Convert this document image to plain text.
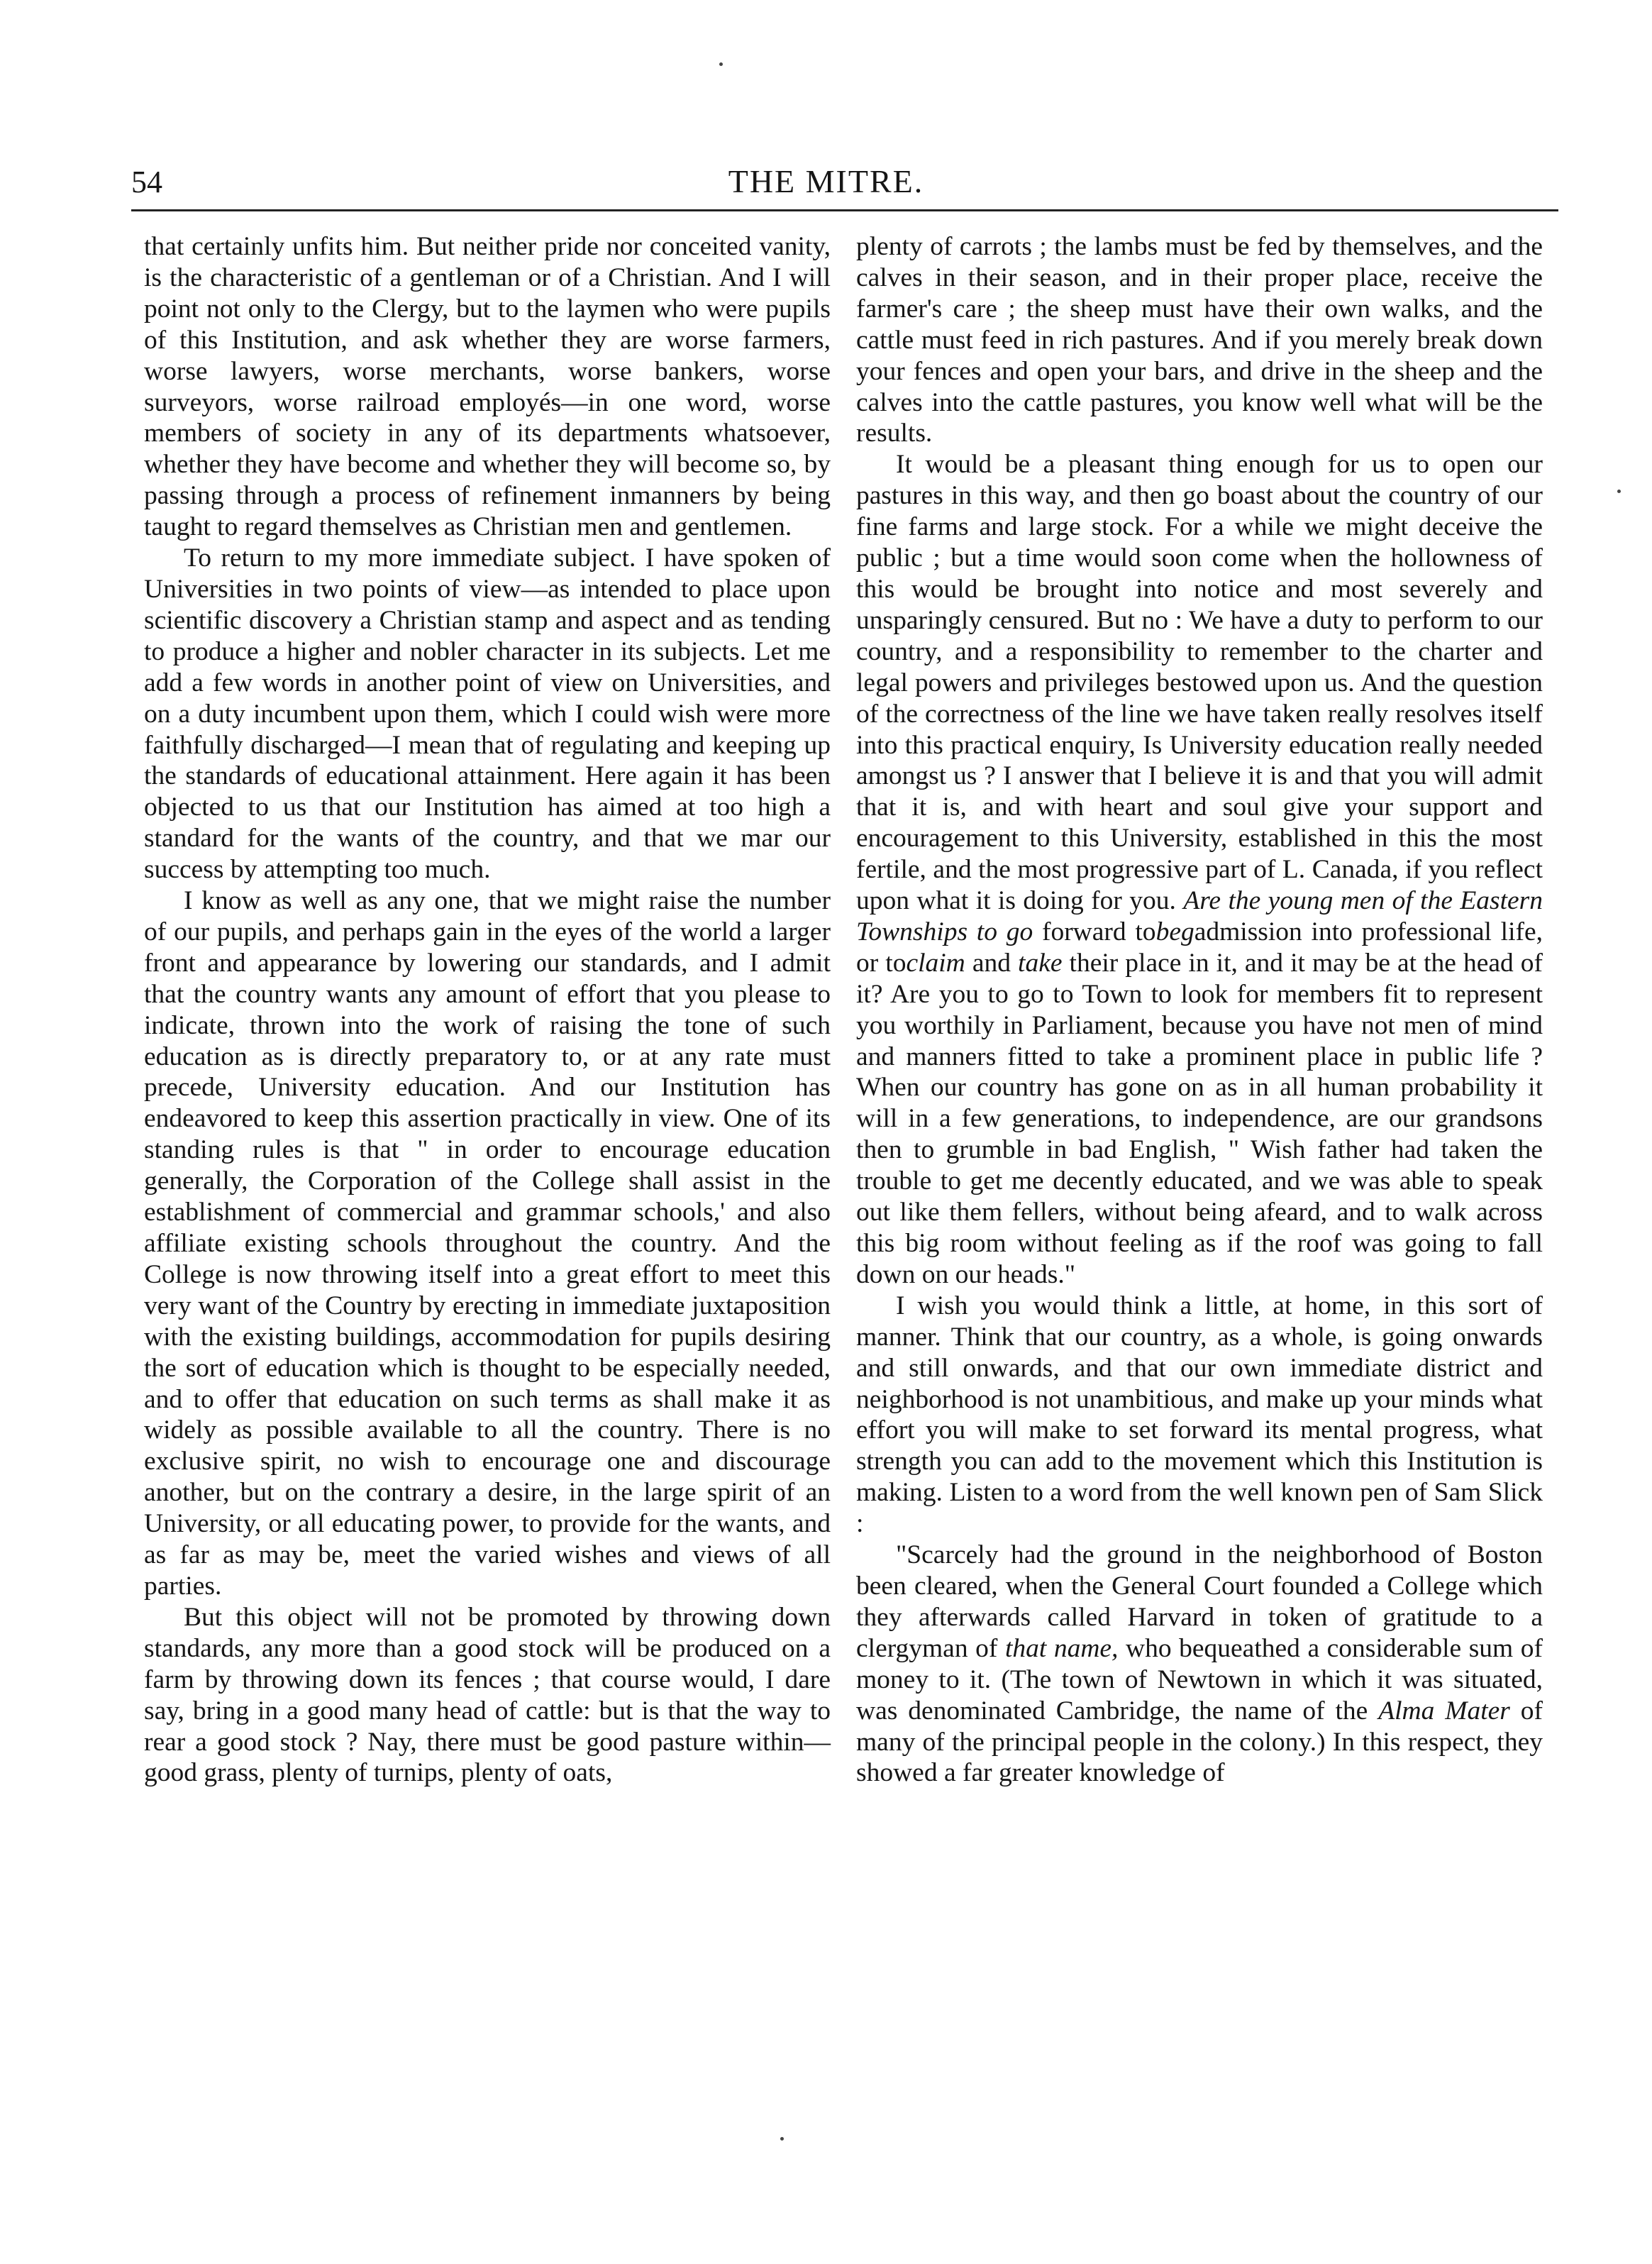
54	THE MITRE.

that certainly unfits him. But neither pride nor conceited vanity, is the characteristic of a gentleman or of a Christian. And I will point not only to the Clergy, but to the laymen who were pupils of this Institution, and ask whether they are worse farmers, worse lawyers, worse merchants, worse bankers, worse surveyors, worse railroad employés—in one word, worse members of society in any of its departments whatsoever, whether they have become and whether they will become so, by passing through a process of refinement inmanners by being taught to regard themselves as Christian men and gentlemen.

To return to my more immediate subject. I have spoken of Universities in two points of view—as intended to place upon scientific discovery a Christian stamp and aspect and as tending to produce a higher and nobler character in its subjects. Let me add a few words in another point of view on Universities, and on a duty incumbent upon them, which I could wish were more faithfully discharged—I mean that of regulating and keeping up the standards of educational attainment. Here again it has been objected to us that our Institution has aimed at too high a standard for the wants of the country, and that we mar our success by attempting too much.

I know as well as any one, that we might raise the number of our pupils, and perhaps gain in the eyes of the world a larger front and appearance by lowering our standards, and I admit that the country wants any amount of effort that you please to indicate, thrown into the work of raising the tone of such education as is directly preparatory to, or at any rate must precede, University education. And our Institution has endeavored to keep this assertion practically in view. One of its standing rules is that " in order to encourage education generally, the Corporation of the College shall assist in the establishment of commercial and grammar schools,' and also affiliate existing schools throughout the country. And the College is now throwing itself into a great effort to meet this very want of the Country by erecting in immediate juxtaposition with the existing buildings, accommodation for pupils desiring the sort of education which is thought to be especially needed, and to offer that education on such terms as shall make it as widely as possible available to all the country. There is no exclusive spirit, no wish to encourage one and discourage another, but on the contrary a desire, in the large spirit of an University, or all educating power, to provide for the wants, and as far as may be, meet the varied wishes and views of all parties.

But this object will not be promoted by throwing down standards, any more than a good stock will be produced on a farm by throwing down its fences ; that course would, I dare say, bring in a good many head of cattle: but is that the way to rear a good stock ? Nay, there must be good pasture within—good grass, plenty of turnips, plenty of oats,

plenty of carrots ; the lambs must be fed by themselves, and the calves in their season, and in their proper place, receive the farmer's care ; the sheep must have their own walks, and the cattle must feed in rich pastures. And if you merely break down your fences and open your bars, and drive in the sheep and the calves into the cattle pastures, you know well what will be the results.

It would be a pleasant thing enough for us to open our pastures in this way, and then go boast about the country of our fine farms and large stock. For a while we might deceive the public ; but a time would soon come when the hollowness of this would be brought into notice and most severely and unsparingly censured. But no : We have a duty to perform to our country, and a responsibility to remember to the charter and legal powers and privileges bestowed upon us. And the question of the correctness of the line we have taken really resolves itself into this practical enquiry, Is University education really needed amongst us ? I answer that I believe it is and that you will admit that it is, and with heart and soul give your support and encouragement to this University, established in this the most fertile, and the most progressive part of L. Canada, if you reflect upon what it is doing for you. Are the young men of the Eastern Townships to go forward tobegadmission into professional life, or toclaim and take their place in it, and it may be at the head of it? Are you to go to Town to look for members fit to represent you worthily in Parliament, because you have not men of mind and manners fitted to take a prominent place in public life ? When our country has gone on as in all human probability it will in a few generations, to independence, are our grandsons then to grumble in bad English, " Wish father had taken the trouble to get me decently educated, and we was able to speak out like them fellers, without being afeard, and to walk across this big room without feeling as if the roof was going to fall down on our heads."

I wish you would think a little, at home, in this sort of manner. Think that our country, as a whole, is going onwards and still onwards, and that our own immediate district and neighborhood is not unambitious, and make up your minds what effort you will make to set forward its mental progress, what strength you can add to the movement which this Institution is making. Listen to a word from the well known pen of Sam Slick :

"Scarcely had the ground in the neighborhood of Boston been cleared, when the General Court founded a College which they afterwards called Harvard in token of gratitude to a clergyman of that name, who bequeathed a considerable sum of money to it. (The town of Newtown in which it was situated, was denominated Cambridge, the name of the Alma Mater of many of the principal people in the colony.) In this respect, they showed a far greater knowledge of
